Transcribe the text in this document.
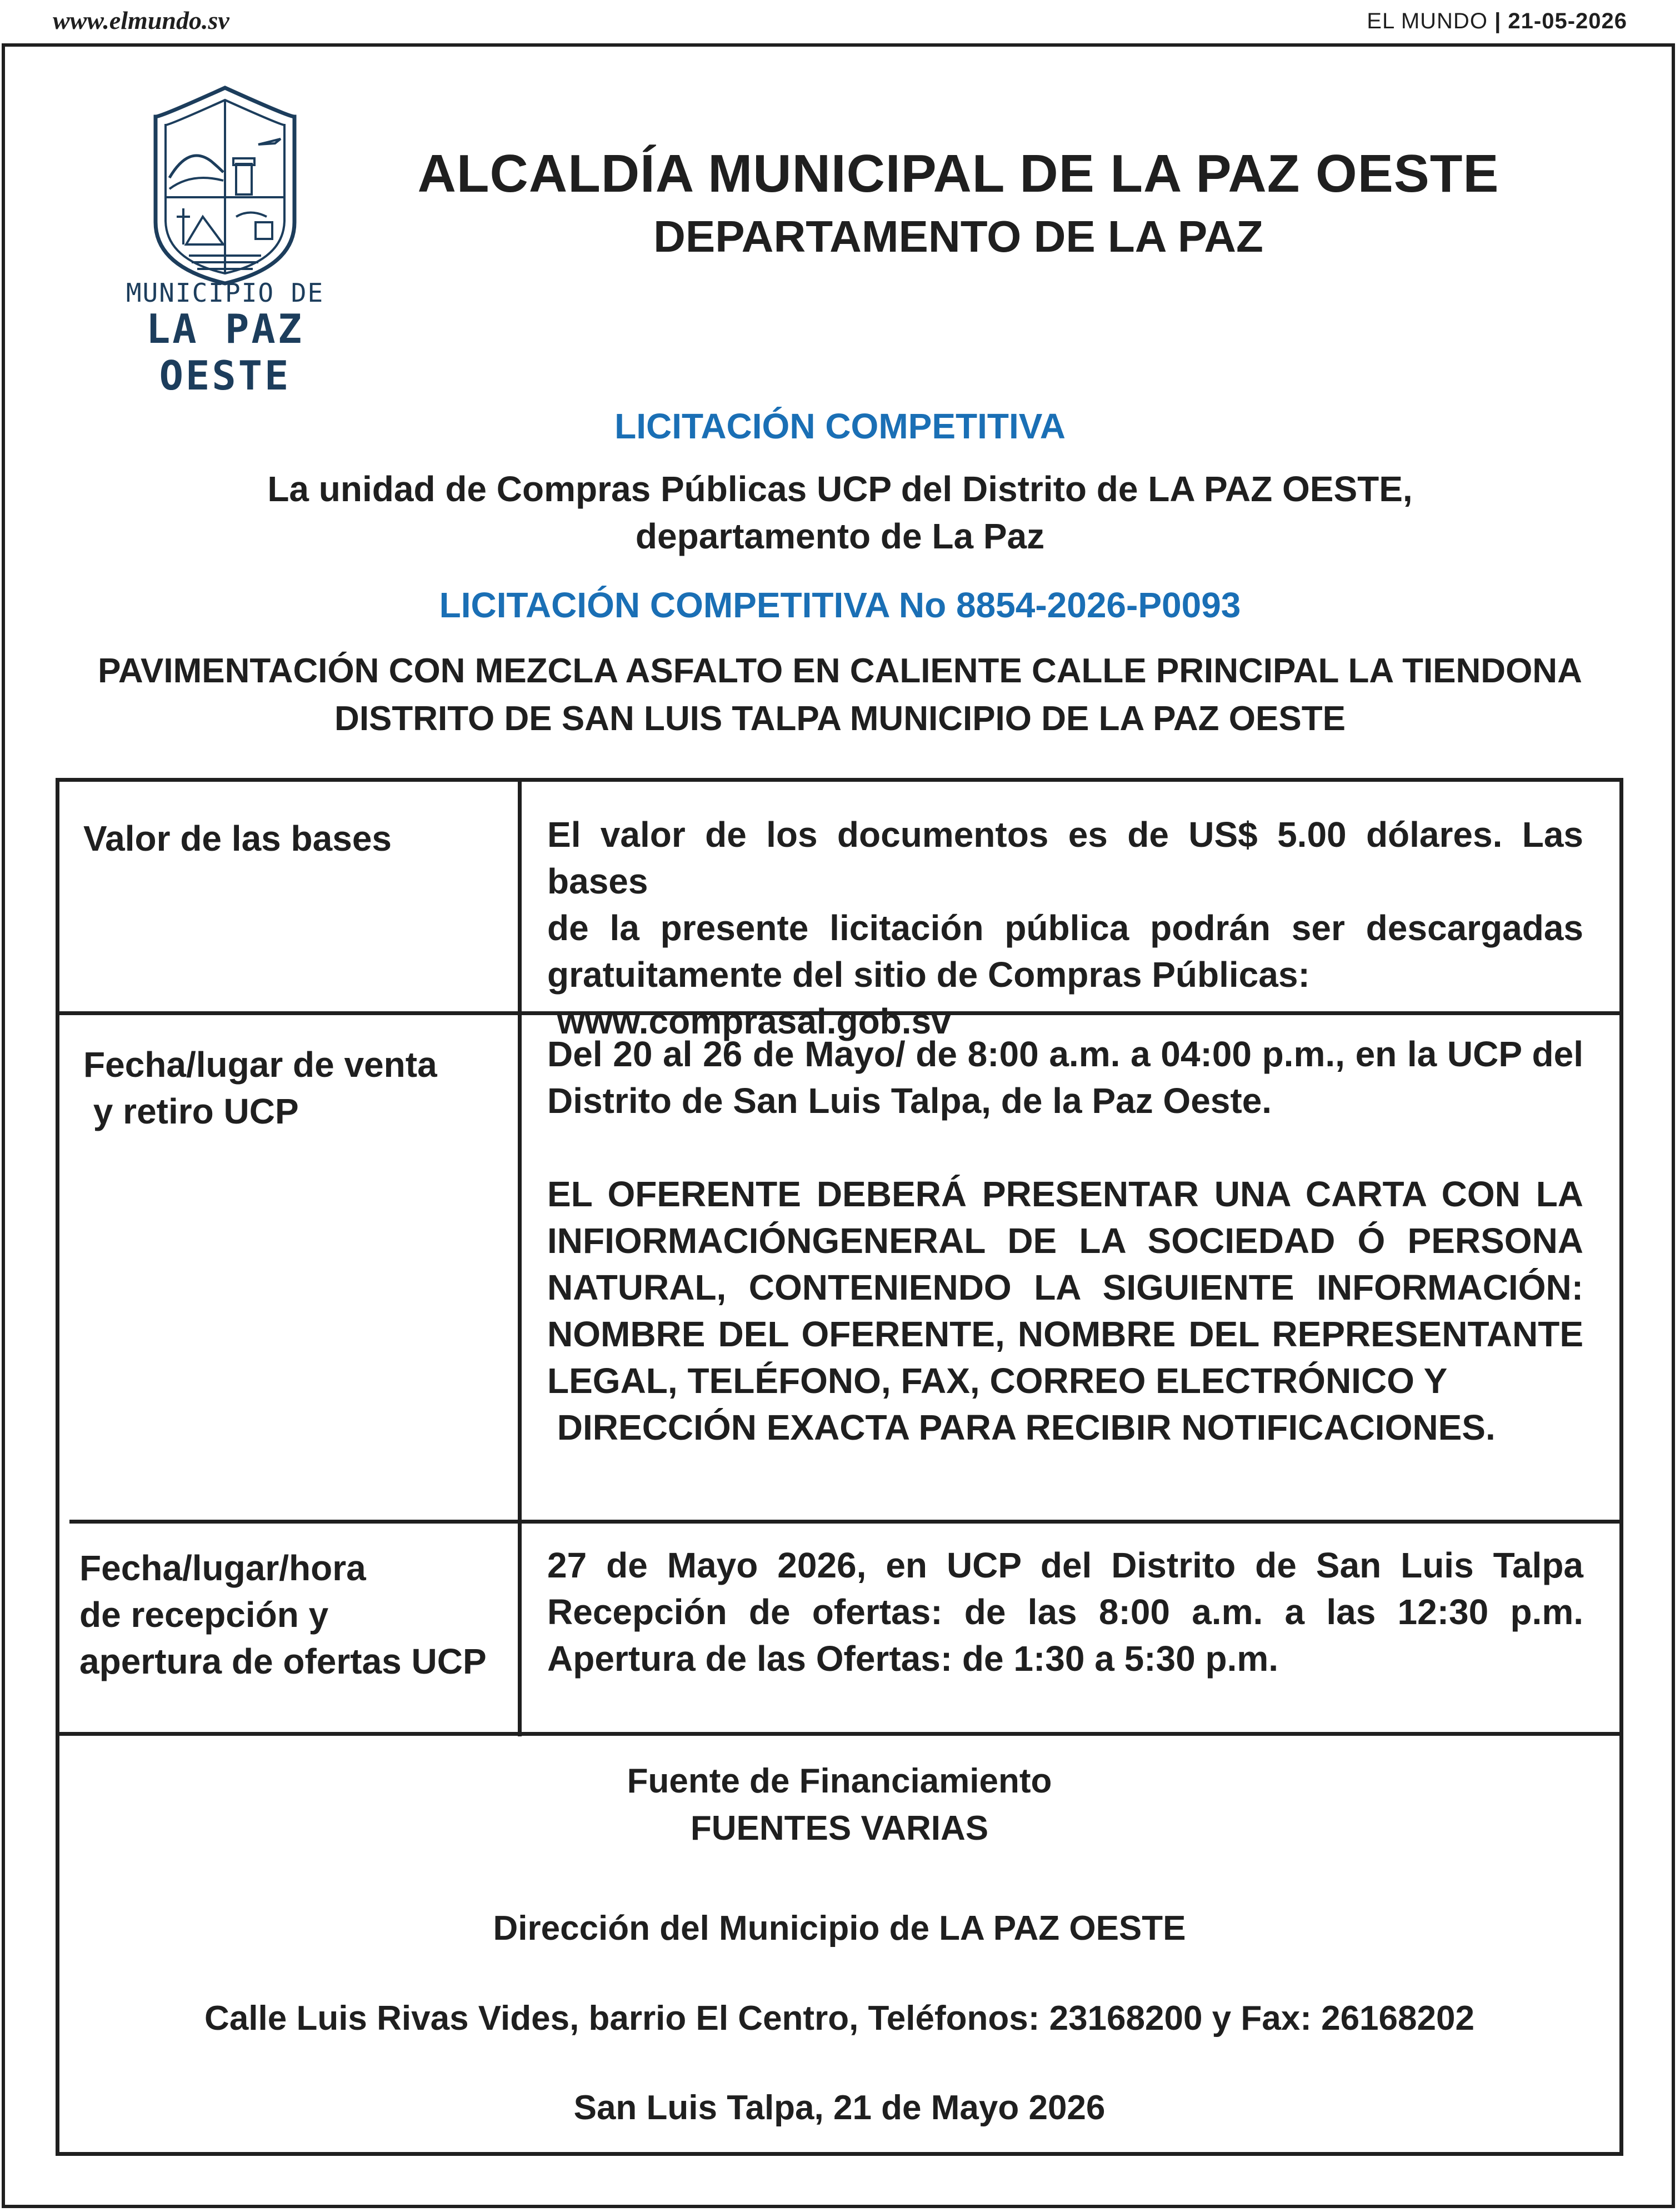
www.elmundo.sv	EL MUNDO | 21-05-2026
MUNICIPIO DE
LA PAZ OESTE
ALCALDÍA MUNICIPAL DE LA PAZ OESTE
DEPARTAMENTO DE LA PAZ
LICITACIÓN COMPETITIVA
La unidad de Compras Públicas UCP del Distrito de LA PAZ OESTE,
departamento de La Paz
LICITACIÓN COMPETITIVA No 8854-2026-P0093
PAVIMENTACIÓN CON MEZCLA ASFALTO EN CALIENTE CALLE PRINCIPAL LA TIENDONA
DISTRITO DE SAN LUIS TALPA MUNICIPIO DE LA PAZ OESTE
Valor de las bases	El valor de los documentos es de US$ 5.00 dólares. Las bases
de la presente licitación pública podrán ser descargadas
gratuitamente del sitio de Compras Públicas:
www.comprasal.gob.sv
Fecha/lugar de venta
y retiro UCP
Del 20 al 26 de Mayo/ de 8:00 a.m. a 04:00 p.m., en la UCP del
Distrito de San Luis Talpa, de la Paz Oeste.
EL OFERENTE DEBERÁ PRESENTAR UNA CARTA CON LA
INFIORMACIÓNGENERAL DE LA SOCIEDAD Ó PERSONA
NATURAL, CONTENIENDO LA SIGUIENTE INFORMACIÓN:
NOMBRE DEL OFERENTE, NOMBRE DEL REPRESENTANTE
LEGAL, TELÉFONO, FAX, CORREO ELECTRÓNICO Y
DIRECCIÓN EXACTA PARA RECIBIR NOTIFICACIONES.
Fecha/lugar/hora
de recepción y
apertura de ofertas UCP
27 de Mayo 2026, en UCP del Distrito de San Luis Talpa
Recepción de ofertas: de las 8:00 a.m. a las 12:30 p.m.
Apertura de las Ofertas: de 1:30 a 5:30 p.m.
Fuente de Financiamiento
FUENTES VARIAS
Dirección del Municipio de LA PAZ OESTE
Calle Luis Rivas Vides, barrio El Centro, Teléfonos: 23168200 y Fax: 26168202
San Luis Talpa, 21 de Mayo 2026
